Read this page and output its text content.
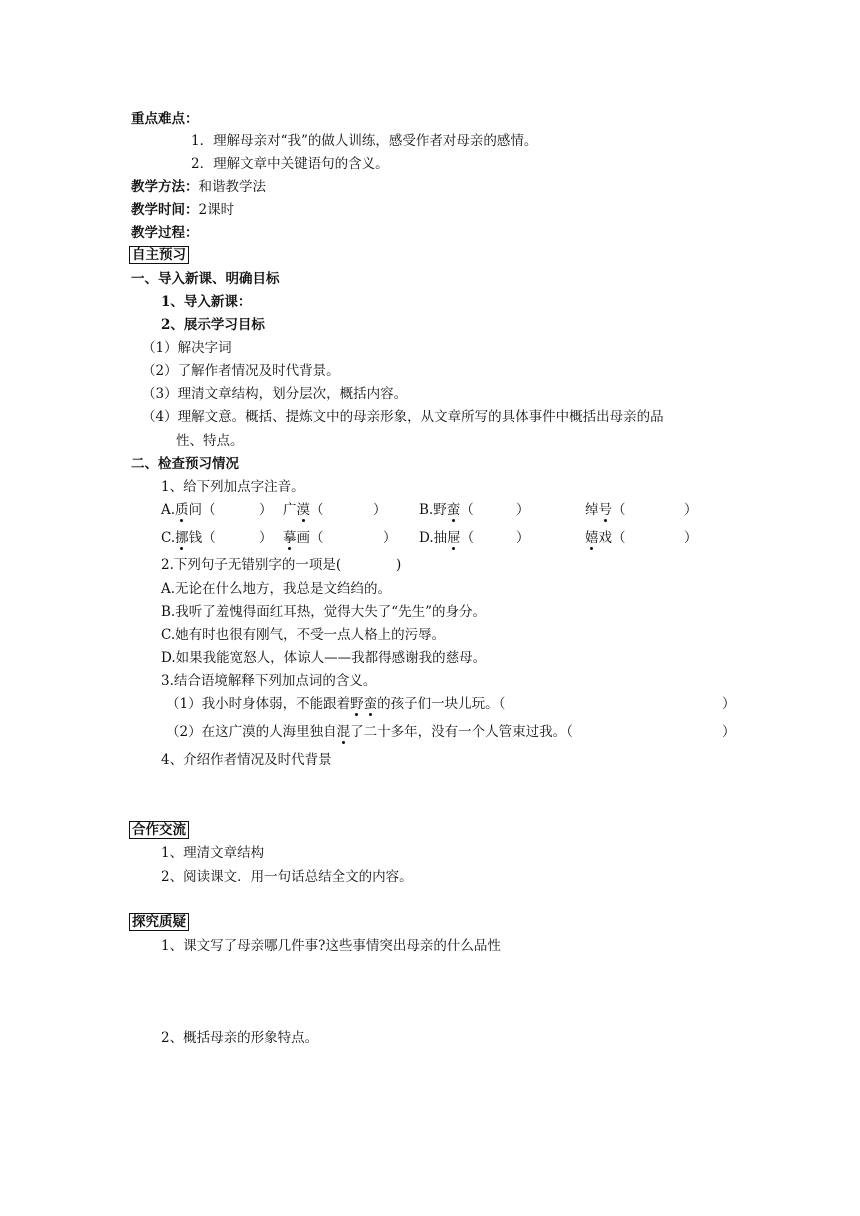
重点难点：
1．理解母亲对“我”的做人训练，感受作者对母亲的感情。
2．理解文章中关键语句的含义。
教学方法：和谐教学法
教学时间：2课时
教学过程：
自主预习
一、导入新课、明确目标
1、导入新课：
2、展示学习目标
（1）解决字词
（2）了解作者情况及时代背景。
（3）理清文章结构，划分层次，概括内容。
（4）理解文意。概括、提炼文中的母亲形象，从文章所写的具体事件中概括出母亲的品
性、特点。
二、检查预习情况
1、给下列加点字注音。
A.质问（	） 广漠（	） B.野蛮（	）	绰号（	）
C.挪钱（	） 摹画（	） D.抽屉（	）	嬉戏（	）
2.下列句子无错别字的一项是(	)
A.无论在什么地方，我总是文绉绉的。
B.我听了羞愧得面红耳热，觉得大失了“先生”的身分。
C.她有时也很有刚气，不受一点人格上的污辱。
D.如果我能宽怒人，体谅人——我都得感谢我的慈母。
3.结合语境解释下列加点词的含义。
（1）我小时身体弱，不能跟着野蛮的孩子们一块儿玩。（	）
（2）在这广漠的人海里独自混了二十多年，没有一个人管束过我。（	）
4、介绍作者情况及时代背景
合作交流
1、理清文章结构
2、阅读课文．用一句话总结全文的内容。
探究质疑
1、课文写了母亲哪几件事?这些事情突出母亲的什么品性
2、概括母亲的形象特点。
